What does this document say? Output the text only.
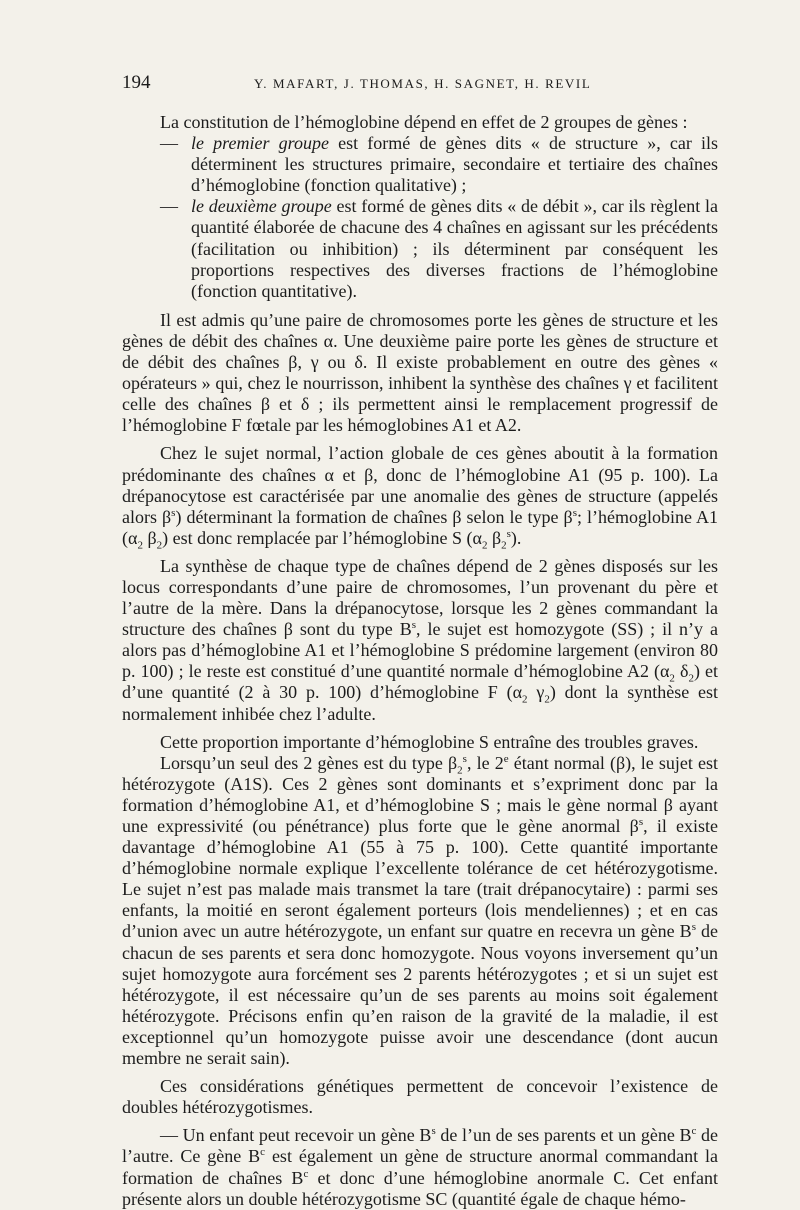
194	Y. MAFART, J. THOMAS, H. SAGNET, H. REVIL

La constitution de l’hémoglobine dépend en effet de 2 groupes de gènes :

— le premier groupe est formé de gènes dits « de structure », car ils déterminent les structures primaire, secondaire et tertiaire des chaînes d’hémoglobine (fonction qualitative) ;
— le deuxième groupe est formé de gènes dits « de débit », car ils règlent la quantité élaborée de chacune des 4 chaînes en agissant sur les précédents (facilitation ou inhibition) ; ils déterminent par conséquent les proportions respectives des diverses fractions de l’hémoglobine (fonction quantitative).

Il est admis qu’une paire de chromosomes porte les gènes de structure et les gènes de débit des chaînes α. Une deuxième paire porte les gènes de structure et de débit des chaînes β, γ ou δ. Il existe probablement en outre des gènes « opérateurs » qui, chez le nourrisson, inhibent la synthèse des chaînes γ et facilitent celle des chaînes β et δ ; ils permettent ainsi le remplacement progressif de l’hémoglobine F fœtale par les hémoglobines A1 et A2.

Chez le sujet normal, l’action globale de ces gènes aboutit à la formation prédominante des chaînes α et β, donc de l’hémoglobine A1 (95 p. 100). La drépanocytose est caractérisée par une anomalie des gènes de structure (appelés alors $\beta^s$) déterminant la formation de chaînes β selon le type $\beta^s$; l’hémoglobine A1 ($\alpha_2$ $\beta_2$) est donc remplacée par l’hémoglobine S ($\alpha_2$ $\beta_2^s$).

La synthèse de chaque type de chaînes dépend de 2 gènes disposés sur les locus correspondants d’une paire de chromosomes, l’un provenant du père et l’autre de la mère. Dans la drépanocytose, lorsque les 2 gènes commandant la structure des chaînes β sont du type $B^s$, le sujet est homozygote (SS) ; il n’y a alors pas d’hémoglobine A1 et l’hémoglobine S prédomine largement (environ 80 p. 100) ; le reste est constitué d’une quantité normale d’hémoglobine A2 ($\alpha_2$ $\delta_2$) et d’une quantité (2 à 30 p. 100) d’hémoglobine F ($\alpha_2$ $\gamma_2$) dont la synthèse est normalement inhibée chez l’adulte.

Cette proportion importante d’hémoglobine S entraîne des troubles graves.

Lorsqu’un seul des 2 gènes est du type $\beta_2^s$, le 2e étant normal (β), le sujet est hétérozygote (A1S). Ces 2 gènes sont dominants et s’expriment donc par la formation d’hémoglobine A1, et d’hémoglobine S ; mais le gène normal β ayant une expressivité (ou pénétrance) plus forte que le gène anormal $\beta^s$, il existe davantage d’hémoglobine A1 (55 à 75 p. 100). Cette quantité importante d’hémoglobine normale explique l’excellente tolérance de cet hétérozygotisme. Le sujet n’est pas malade mais transmet la tare (trait drépanocytaire) : parmi ses enfants, la moitié en seront également porteurs (lois mendeliennes) ; et en cas d’union avec un autre hétérozygote, un enfant sur quatre en recevra un gène $B^s$ de chacun de ses parents et sera donc homozygote. Nous voyons inversement qu’un sujet homozygote aura forcément ses 2 parents hétérozygotes ; et si un sujet est hétérozygote, il est nécessaire qu’un de ses parents au moins soit également hétérozygote. Précisons enfin qu’en raison de la gravité de la maladie, il est exceptionnel qu’un homozygote puisse avoir une descendance (dont aucun membre ne serait sain).

Ces considérations génétiques permettent de concevoir l’existence de doubles hétérozygotismes.

— Un enfant peut recevoir un gène $B^s$ de l’un de ses parents et un gène $B^c$ de l’autre. Ce gène $B^c$ est également un gène de structure anormal commandant la formation de chaînes $B^c$ et donc d’une hémoglobine anormale C. Cet enfant présente alors un double hétérozygotisme SC (quantité égale de chaque hémo-
